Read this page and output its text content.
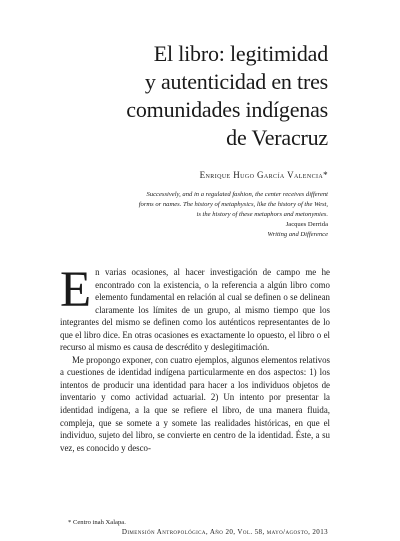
El libro: legitimidad
y autenticidad en tres
comunidades indígenas
de Veracruz
Enrique Hugo García Valencia*
Successively, and in a regulated fashion, the center receives different forms or names. The history of metaphysics, like the history of the West, is the history of these metaphors and metonymies.
Jacques Derrida
Writing and Difference

En varias ocasiones, al hacer investigación de campo me he encontrado con la existencia, o la referencia a algún libro como elemento fundamental en relación al cual se definen o se delinean claramente los límites de un grupo, al mismo tiempo que los integrantes del mismo se definen como los auténticos representantes de lo que el libro dice. En otras ocasiones es exactamente lo opuesto, el libro o el recurso al mismo es causa de descrédito y deslegitimación.

Me propongo exponer, con cuatro ejemplos, algunos elementos relativos a cuestiones de identidad indígena particularmente en dos aspectos: 1) los intentos de producir una identidad para hacer a los individuos objetos de inventario y como actividad actuarial. 2) Un intento por presentar la identidad indígena, a la que se refiere el libro, de una manera fluida, compleja, que se somete a y somete las realidades históricas, en que el individuo, sujeto del libro, se convierte en centro de la identidad. Éste, a su vez, es conocido y desco-

* Centro inah Xalapa.
Dimensión Antropológica, Año 20, Vol. 58, mayo/agosto, 2013
